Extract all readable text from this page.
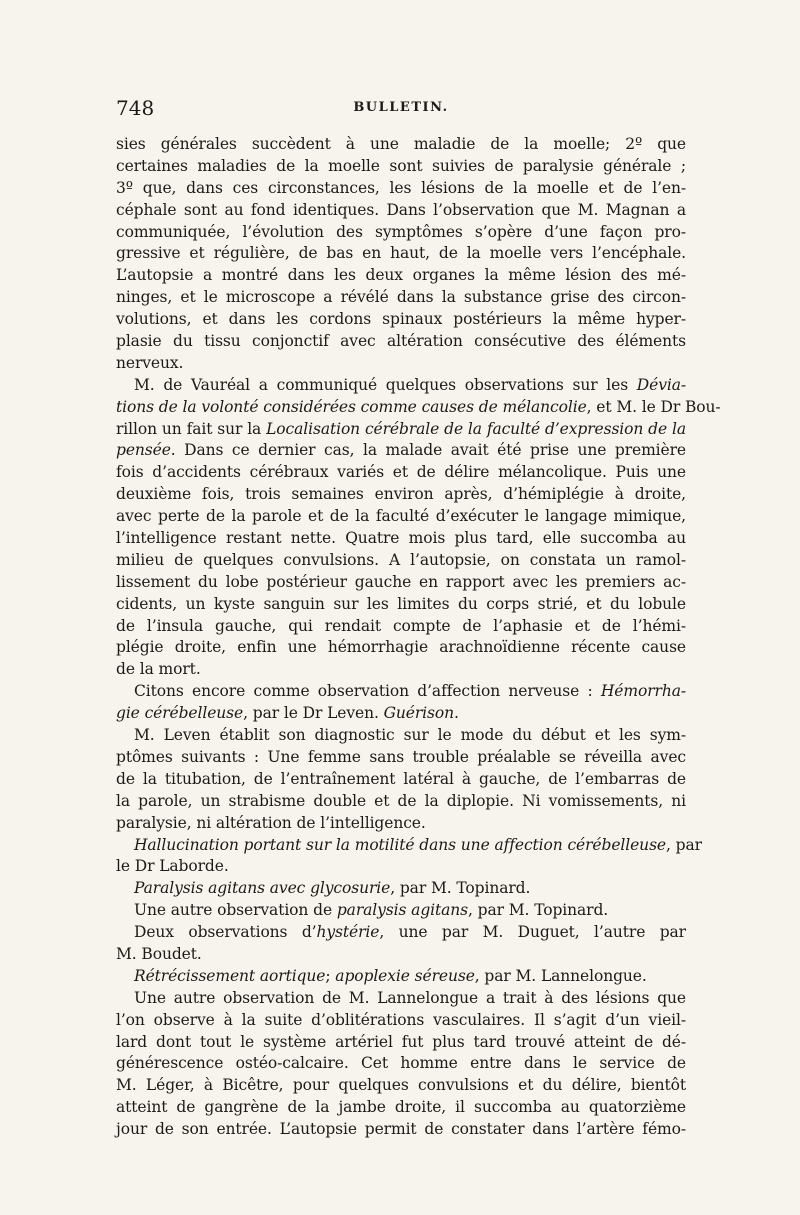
748	BULLETIN.
sies générales succèdent à une maladie de la moelle; 2º que
certaines maladies de la moelle sont suivies de paralysie générale ;
3º que, dans ces circonstances, les lésions de la moelle et de l’en-
céphale sont au fond identiques. Dans l’observation que M. Magnan a
communiquée, l’évolution des symptômes s’opère d’une façon pro-
gressive et régulière, de bas en haut, de la moelle vers l’encéphale.
L’autopsie a montré dans les deux organes la même lésion des mé-
ninges, et le microscope a révélé dans la substance grise des circon-
volutions, et dans les cordons spinaux postérieurs la même hyper-
plasie du tissu conjonctif avec altération consécutive des éléments
nerveux.
M. de Vauréal a communiqué quelques observations sur les Dévia-
tions de la volonté considérées comme causes de mélancolie, et M. le Dr Bou-
rillon un fait sur la Localisation cérébrale de la faculté d’expression de la
pensée. Dans ce dernier cas, la malade avait été prise une première
fois d’accidents cérébraux variés et de délire mélancolique. Puis une
deuxième fois, trois semaines environ après, d’hémiplégie à droite,
avec perte de la parole et de la faculté d’exécuter le langage mimique,
l’intelligence restant nette. Quatre mois plus tard, elle succomba au
milieu de quelques convulsions. A l’autopsie, on constata un ramol-
lissement du lobe postérieur gauche en rapport avec les premiers ac-
cidents, un kyste sanguin sur les limites du corps strié, et du lobule
de l’insula gauche, qui rendait compte de l’aphasie et de l’hémi-
plégie droite, enfin une hémorrhagie arachnoïdienne récente cause
de la mort.
Citons encore comme observation d’affection nerveuse : Hémorrha-
gie cérébelleuse, par le Dr Leven. Guérison.
M. Leven établit son diagnostic sur le mode du début et les sym-
ptômes suivants : Une femme sans trouble préalable se réveilla avec
de la titubation, de l’entraînement latéral à gauche, de l’embarras de
la parole, un strabisme double et de la diplopie. Ni vomissements, ni
paralysie, ni altération de l’intelligence.
Hallucination portant sur la motilité dans une affection cérébelleuse, par
le Dr Laborde.
Paralysis agitans avec glycosurie, par M. Topinard.
Une autre observation de paralysis agitans, par M. Topinard.
Deux observations d’hystérie, une par M. Duguet, l’autre par
M. Boudet.
Rétrécissement aortique; apoplexie séreuse, par M. Lannelongue.
Une autre observation de M. Lannelongue a trait à des lésions que
l’on observe à la suite d’oblitérations vasculaires. Il s’agit d’un vieil-
lard dont tout le système artériel fut plus tard trouvé atteint de dé-
générescence ostéo-calcaire. Cet homme entre dans le service de
M. Léger, à Bicêtre, pour quelques convulsions et du délire, bientôt
atteint de gangrène de la jambe droite, il succomba au quatorzième
jour de son entrée. L’autopsie permit de constater dans l’artère fémo-
